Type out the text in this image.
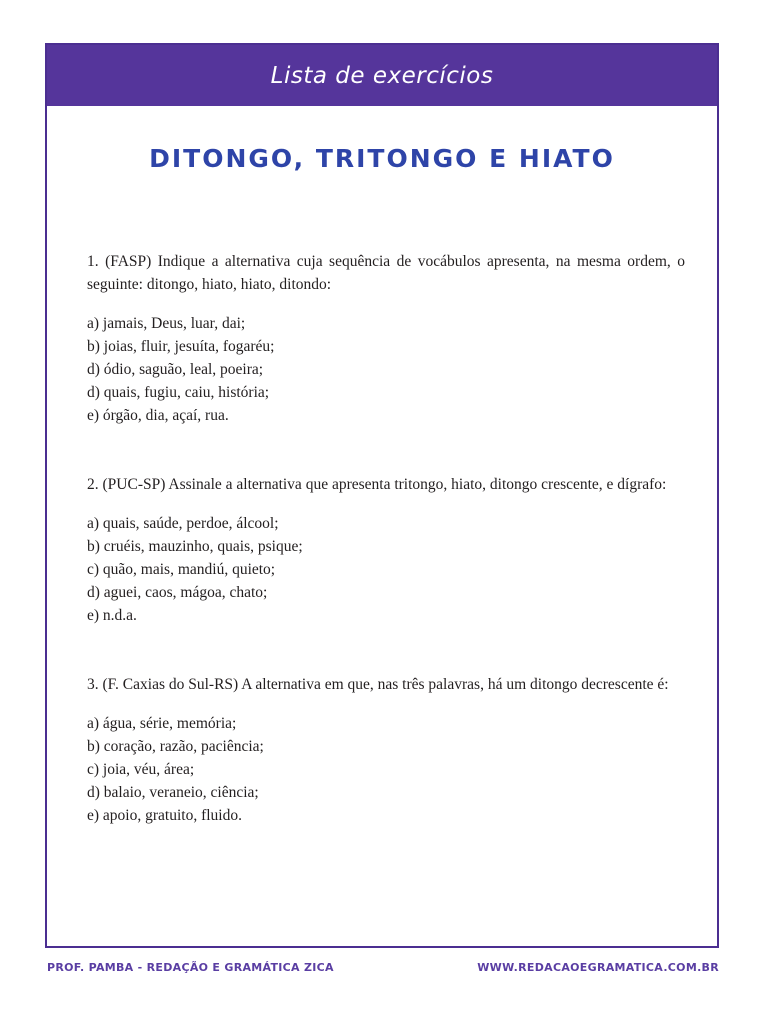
Lista de exercícios
DITONGO, TRITONGO E HIATO

1. (FASP) Indique a alternativa cuja sequência de vocábulos apresenta, na mesma ordem, o seguinte: ditongo, hiato, hiato, ditondo:

a) jamais, Deus, luar, dai;
b) joias, fluir, jesuíta, fogaréu;
d) ódio, saguão, leal, poeira;
d) quais, fugiu, caiu, história;
e) órgão, dia, açaí, rua.

2. (PUC-SP) Assinale a alternativa que apresenta tritongo, hiato, ditongo crescente, e dígrafo:

a) quais, saúde, perdoe, álcool;
b) cruéis, mauzinho, quais, psique;
c) quão, mais, mandiú, quieto;
d) aguei, caos, mágoa, chato;
e) n.d.a.

3. (F. Caxias do Sul-RS) A alternativa em que, nas três palavras, há um ditongo decrescente é:

a) água, série, memória;
b) coração, razão, paciência;
c) joia, véu, área;
d) balaio, veraneio, ciência;
e) apoio, gratuito, fluido.
PROF. PAMBA - REDAÇÃO E GRAMÁTICA ZICA	WWW.REDACAOEGRAMATICA.COM.BR
